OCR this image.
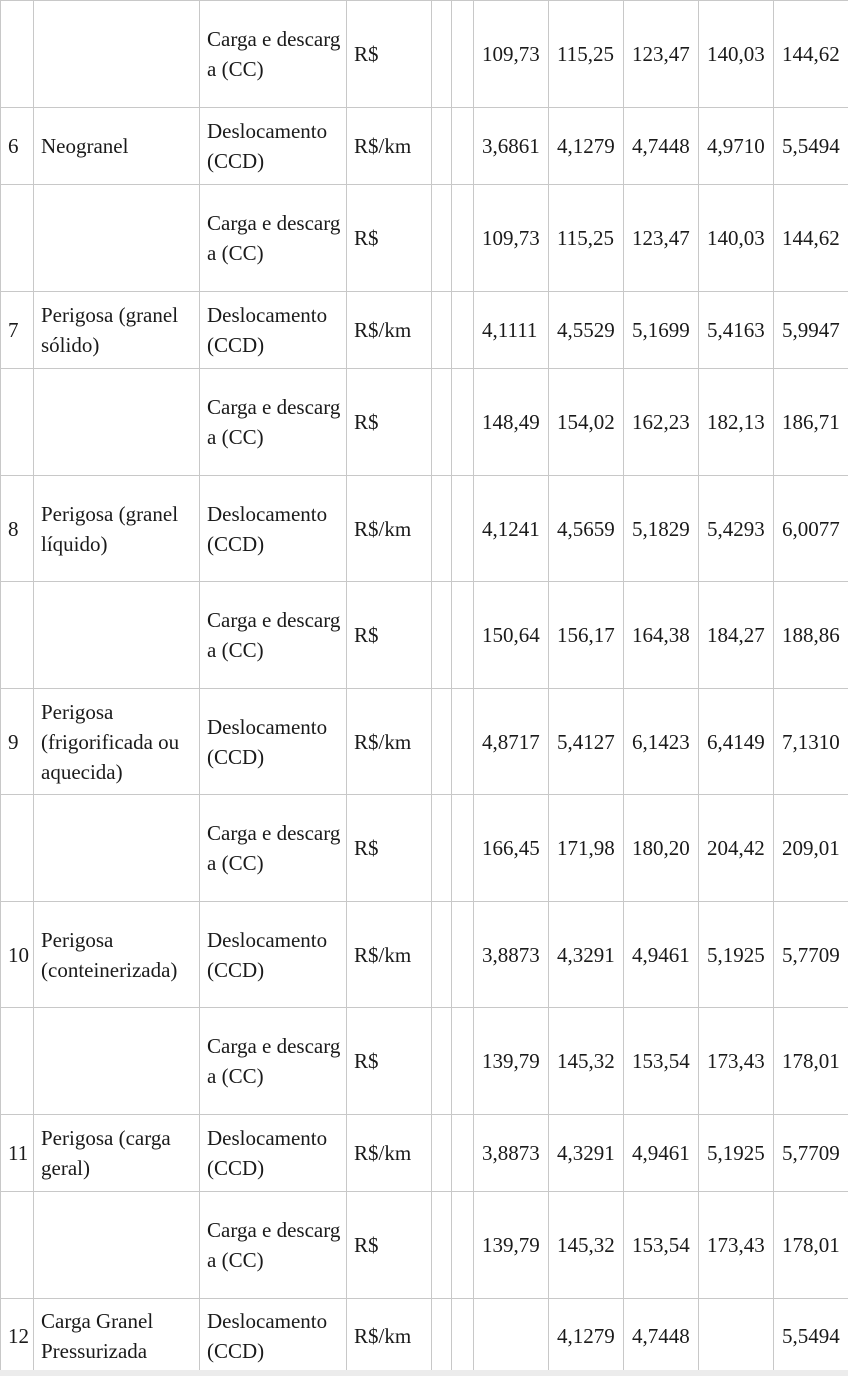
		Carga e descarga (CC)	R$			109,73	115,25	123,47	140,03	144,62
6	Neogranel	Deslocamento (CCD)	R$/km			3,6861	4,1279	4,7448	4,9710	5,5494
		Carga e descarga (CC)	R$			109,73	115,25	123,47	140,03	144,62
7	Perigosa (granel sólido)	Deslocamento (CCD)	R$/km			4,1111	4,5529	5,1699	5,4163	5,9947
		Carga e descarga (CC)	R$			148,49	154,02	162,23	182,13	186,71
8	Perigosa (granel líquido)	Deslocamento (CCD)	R$/km			4,1241	4,5659	5,1829	5,4293	6,0077
		Carga e descarga (CC)	R$			150,64	156,17	164,38	184,27	188,86
9	Perigosa (frigorificada ou aquecida)	Deslocamento (CCD)	R$/km			4,8717	5,4127	6,1423	6,4149	7,1310
		Carga e descarga (CC)	R$			166,45	171,98	180,20	204,42	209,01
10	Perigosa (conteinerizada)	Deslocamento (CCD)	R$/km			3,8873	4,3291	4,9461	5,1925	5,7709
		Carga e descarga (CC)	R$			139,79	145,32	153,54	173,43	178,01
11	Perigosa (carga geral)	Deslocamento (CCD)	R$/km			3,8873	4,3291	4,9461	5,1925	5,7709
		Carga e descarga (CC)	R$			139,79	145,32	153,54	173,43	178,01
12	Carga Granel Pressurizada	Deslocamento (CCD)	R$/km				4,1279	4,7448		5,5494
